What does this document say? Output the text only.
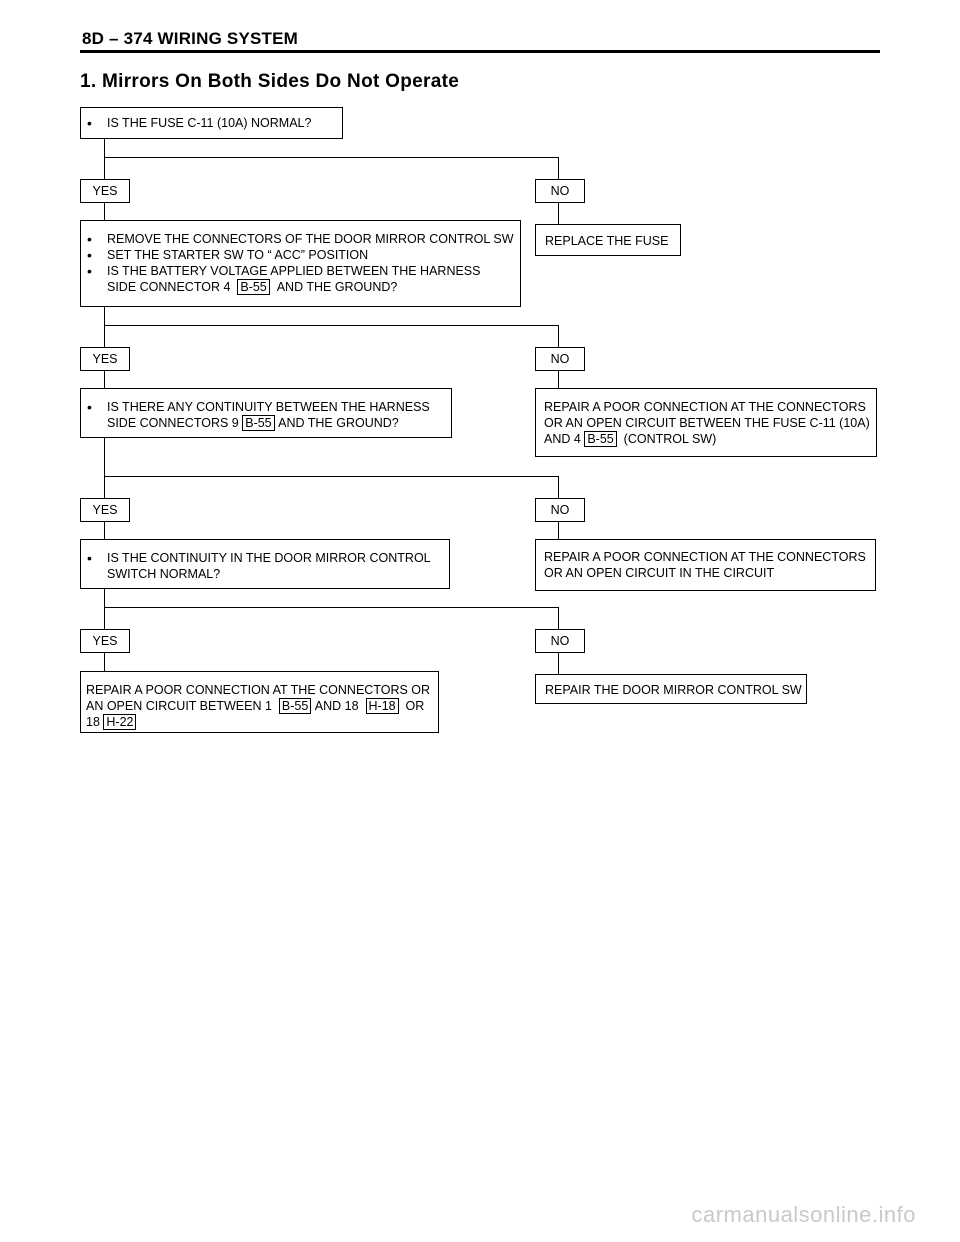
8D – 374 WIRING SYSTEM
1. Mirrors On Both Sides Do Not Operate
• IS THE FUSE C-11 (10A) NORMAL?
YES	NO
• REMOVE THE CONNECTORS OF THE DOOR MIRROR CONTROL SW
• SET THE STARTER SW TO “ ACC” POSITION
• IS THE BATTERY VOLTAGE APPLIED BETWEEN THE HARNESS
SIDE CONNECTOR 4 B-55 AND THE GROUND?
REPLACE THE FUSE
YES	NO
• IS THERE ANY CONTINUITY BETWEEN THE HARNESS
SIDE CONNECTORS 9 B-55 AND THE GROUND?
REPAIR A POOR CONNECTION AT THE CONNECTORS
OR AN OPEN CIRCUIT BETWEEN THE FUSE C-11 (10A)
AND 4 B-55 (CONTROL SW)
YES	NO
• IS THE CONTINUITY IN THE DOOR MIRROR CONTROL
SWITCH NORMAL?
REPAIR A POOR CONNECTION AT THE CONNECTORS
OR AN OPEN CIRCUIT IN THE CIRCUIT
YES	NO
REPAIR A POOR CONNECTION AT THE CONNECTORS OR
AN OPEN CIRCUIT BETWEEN 1 B-55 AND 18 H-18 OR
18 H-22
REPAIR THE DOOR MIRROR CONTROL SW
carmanualsonline.info
